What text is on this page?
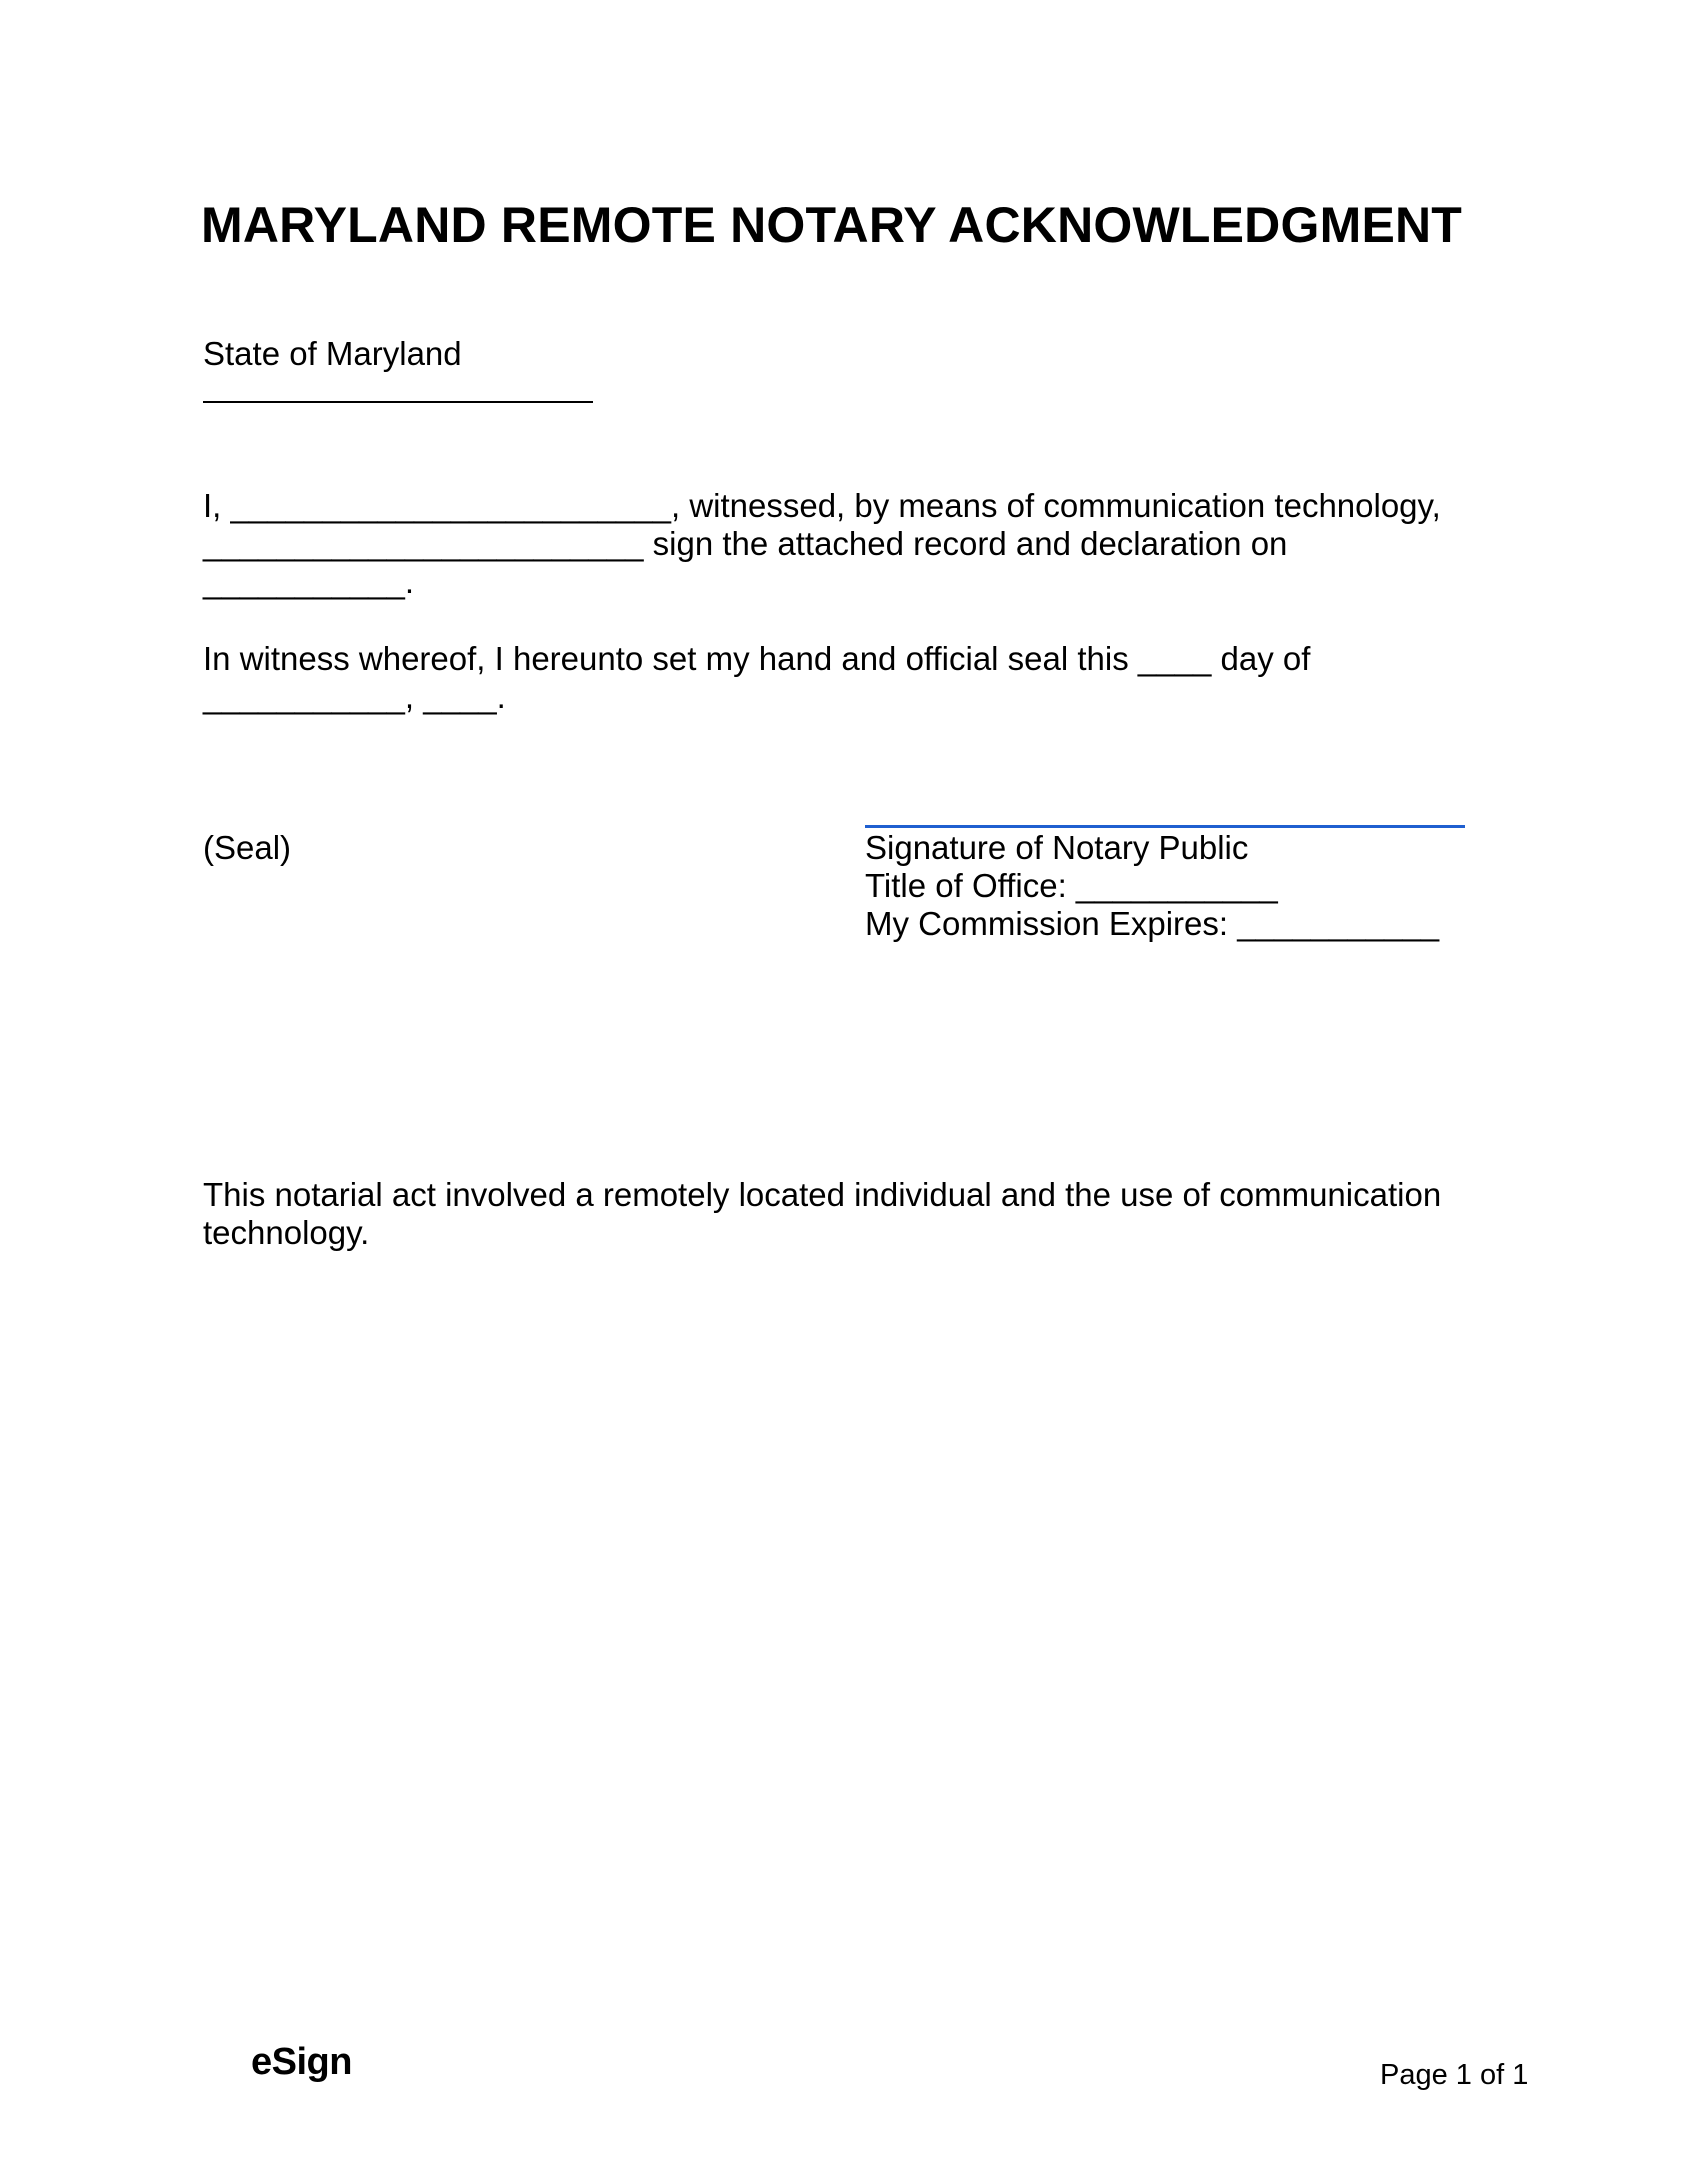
MARYLAND REMOTE NOTARY ACKNOWLEDGMENT

State of Maryland

I, ________________________, witnessed, by means of communication technology,

________________________ sign the attached record and declaration on

___________.

In witness whereof, I hereunto set my hand and official seal this ____ day of

___________, ____.

(Seal)	Signature of Notary Public

Title of Office: ___________

My Commission Expires: ___________

This notarial act involved a remotely located individual and the use of communication

technology.

eSign	Page 1 of 1
